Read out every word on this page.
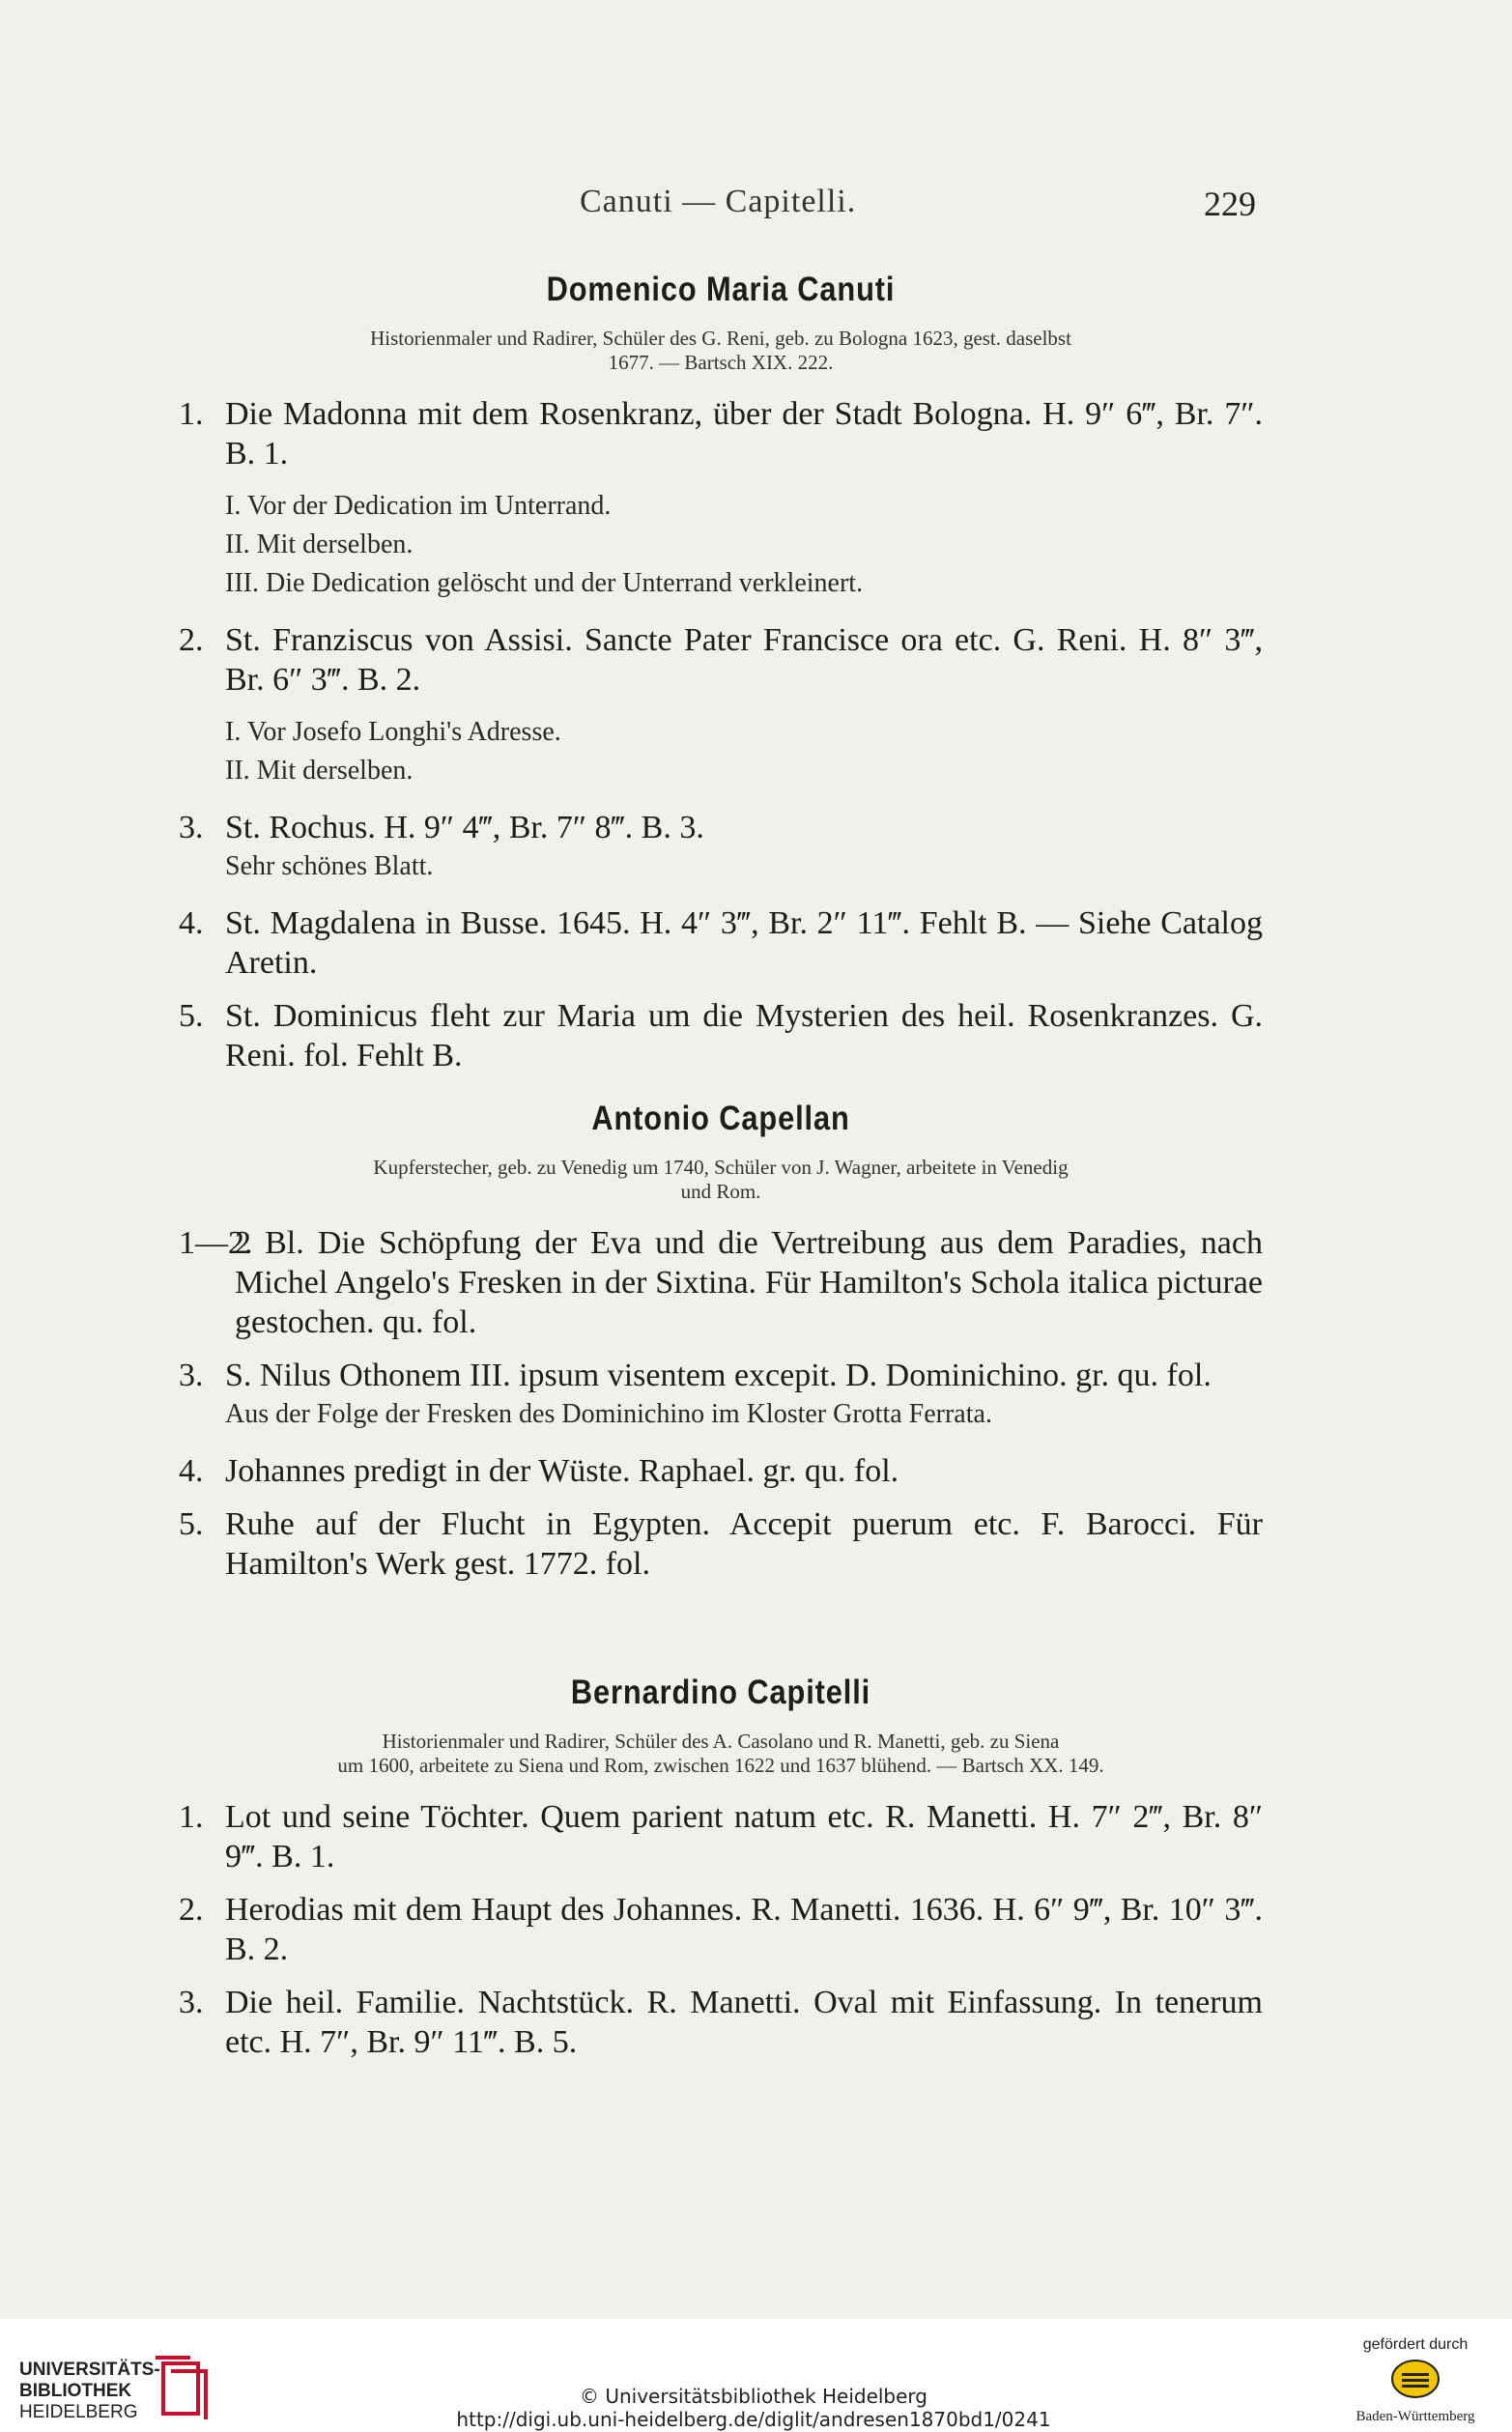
Canuti — Capitelli.	229
Domenico Maria Canuti
Historienmaler und Radirer, Schüler des G. Reni, geb. zu Bologna 1623, gest. daselbst
1677. — Bartsch XIX. 222.
1. Die Madonna mit dem Rosenkranz, über der Stadt Bologna. H. 9″ 6‴, Br. 7″. B. 1.

I. Vor der Dedication im Unterrand.

II. Mit derselben.

III. Die Dedication gelöscht und der Unterrand verkleinert.

2. St. Franziscus von Assisi. Sancte Pater Francisce ora etc. G. Reni. H. 8″ 3‴, Br. 6″ 3‴. B. 2.

I. Vor Josefo Longhi's Adresse.

II. Mit derselben.

3. St. Rochus. H. 9″ 4‴, Br. 7″ 8‴. B. 3.

Sehr schönes Blatt.

4. St. Magdalena in Busse. 1645. H. 4″ 3‴, Br. 2″ 11‴. Fehlt B. — Siehe Catalog Aretin.
5. St. Dominicus fleht zur Maria um die Mysterien des heil. Rosenkranzes. G. Reni. fol. Fehlt B.
Antonio Capellan
Kupferstecher, geb. zu Venedig um 1740, Schüler von J. Wagner, arbeitete in Venedig
und Rom.
1—2.
2 Bl. Die Schöpfung der Eva und die Vertreibung aus dem Paradies, nach Michel Angelo's Fresken in der Sixtina. Für Hamilton's Schola italica picturae gestochen. qu. fol.
3. S. Nilus Othonem III. ipsum visentem excepit. D. Dominichino. gr. qu. fol.

Aus der Folge der Fresken des Dominichino im Kloster Grotta Ferrata.

4. Johannes predigt in der Wüste. Raphael. gr. qu. fol.
5. Ruhe auf der Flucht in Egypten. Accepit puerum etc. F. Barocci. Für Hamilton's Werk gest. 1772. fol.
Bernardino Capitelli
Historienmaler und Radirer, Schüler des A. Casolano und R. Manetti, geb. zu Siena
um 1600, arbeitete zu Siena und Rom, zwischen 1622 und 1637 blühend. — Bartsch XX. 149.
1. Lot und seine Töchter. Quem parient natum etc. R. Manetti. H. 7″ 2‴, Br. 8″ 9‴. B. 1.
2. Herodias mit dem Haupt des Johannes. R. Manetti. 1636. H. 6″ 9‴, Br. 10″ 3‴. B. 2.
3. Die heil. Familie. Nachtstück. R. Manetti. Oval mit Einfassung. In tenerum etc. H. 7″, Br. 9″ 11‴. B. 5.
UNIVERSITÄTS-
BIBLIOTHEK
HEIDELBERG
© Universitätsbibliothek Heidelberg
http://digi.ub.uni-heidelberg.de/diglit/andresen1870bd1/0241
gefördert durch
Baden-Württemberg
